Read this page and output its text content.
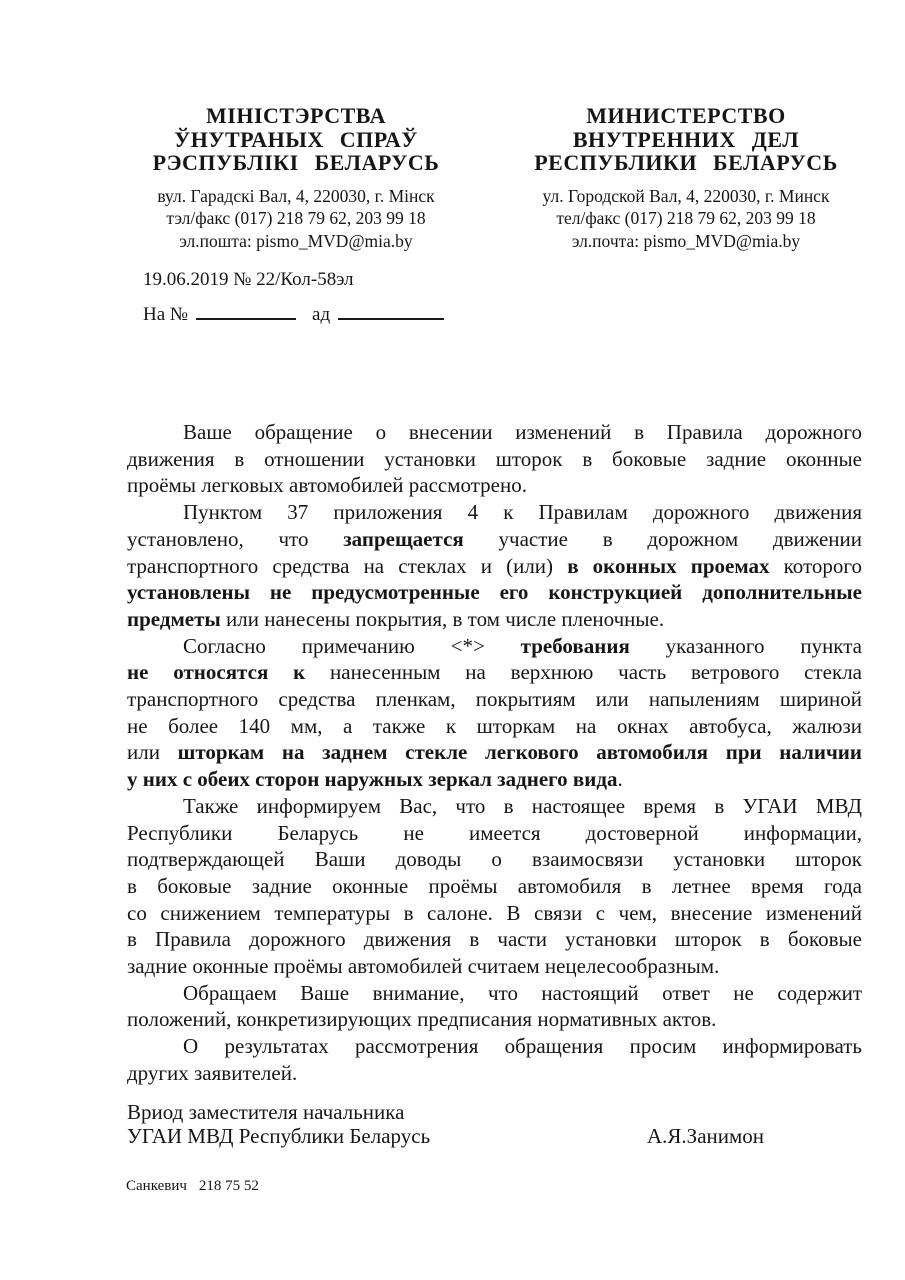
МІНІСТЭРСТВА
ЎНУТРАНЫХ СПРАЎ
РЭСПУБЛІКІ БЕЛАРУСЬ
вул. Гарадскі Вал, 4, 220030, г. Мінск
тэл/факс (017) 218 79 62, 203 99 18
эл.пошта: pismo_MVD@mia.by
МИНИСТЕРСТВО
ВНУТРЕННИХ ДЕЛ
РЕСПУБЛИКИ БЕЛАРУСЬ
ул. Городской Вал, 4, 220030, г. Минск
тел/факс (017) 218 79 62, 203 99 18
эл.почта: pismo_MVD@mia.by
19.06.2019 № 22/Кол-58эл
На №	ад
Ваше обращение о внесении изменений в Правила дорожного
движения в отношении установки шторок в боковые задние оконные
проёмы легковых автомобилей рассмотрено.
Пунктом 37 приложения 4 к Правилам дорожного движения
установлено, что запрещается участие в дорожном движении
транспортного средства на стеклах и (или) в оконных проемах которого
установлены не предусмотренные его конструкцией дополнительные
предметы или нанесены покрытия, в том числе пленочные.
Согласно примечанию <*> требования указанного пункта
не относятся к нанесенным на верхнюю часть ветрового стекла
транспортного средства пленкам, покрытиям или напылениям шириной
не более 140 мм, а также к шторкам на окнах автобуса, жалюзи
или шторкам на заднем стекле легкового автомобиля при наличии
у них с обеих сторон наружных зеркал заднего вида.
Также информируем Вас, что в настоящее время в УГАИ МВД
Республики Беларусь не имеется достоверной информации,
подтверждающей Ваши доводы о взаимосвязи установки шторок
в боковые задние оконные проёмы автомобиля в летнее время года
со снижением температуры в салоне. В связи с чем, внесение изменений
в Правила дорожного движения в части установки шторок в боковые
задние оконные проёмы автомобилей считаем нецелесообразным.
Обращаем Ваше внимание, что настоящий ответ не содержит
положений, конкретизирующих предписания нормативных актов.
О результатах рассмотрения обращения просим информировать
других заявителей.
Вриод заместителя начальника
УГАИ МВД Республики Беларусь	А.Я.Занимон
Санкевич 218 75 52
